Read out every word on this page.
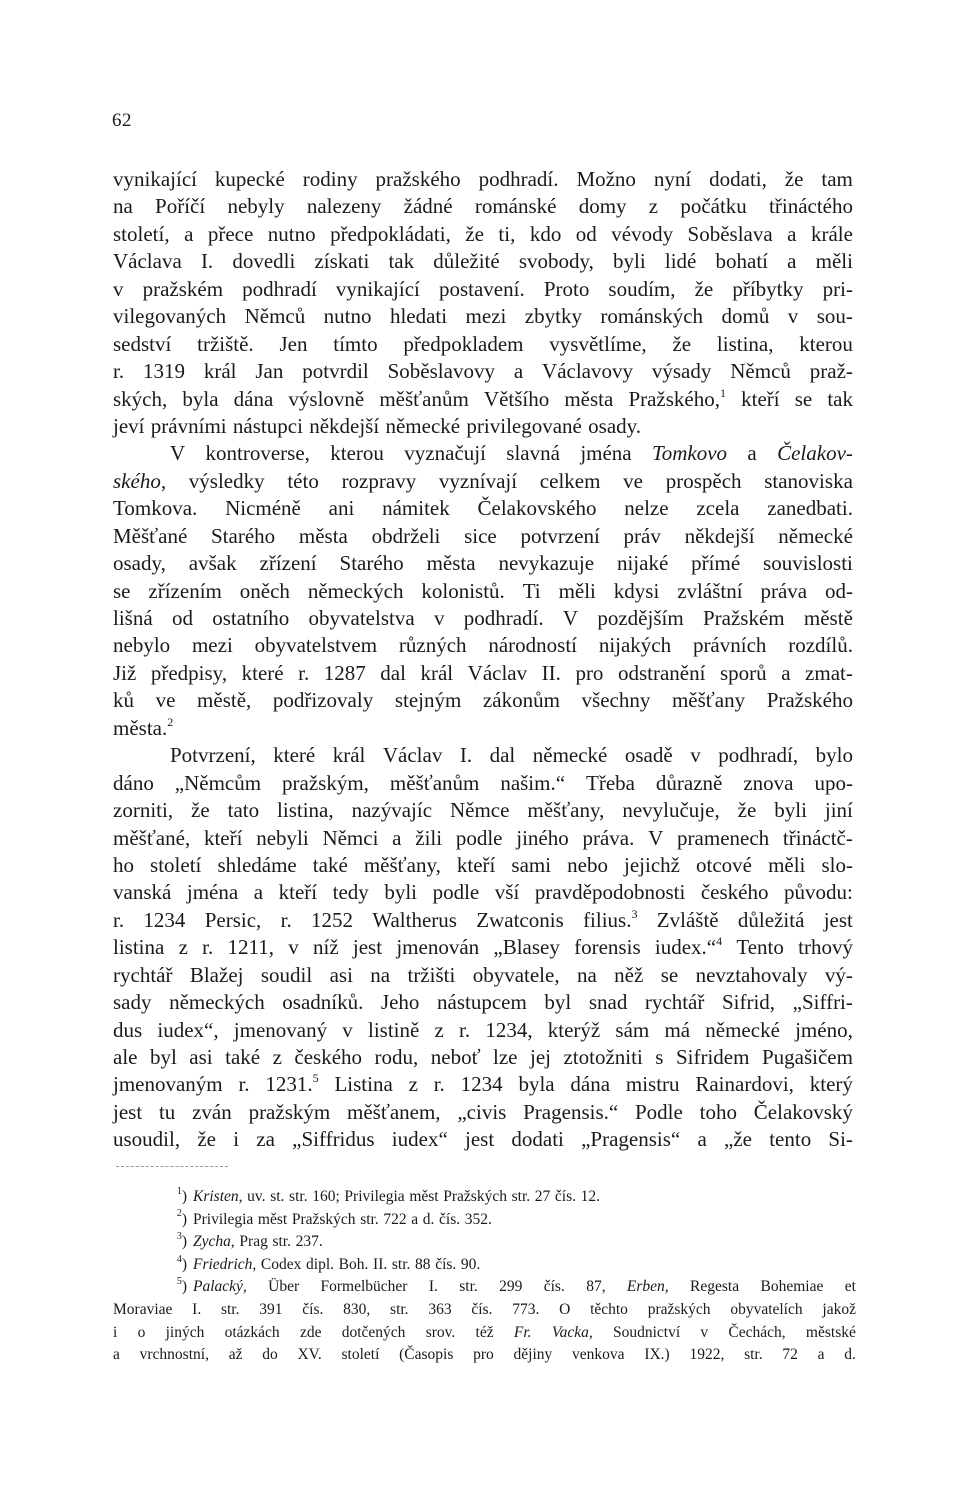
62
vynikající kupecké rodiny pražského podhradí. Možno nyní dodati, že tam
na Poříčí nebyly nalezeny žádné románské domy z počátku třináctého
století, a přece nutno předpokládati, že ti, kdo od vévody Soběslava a krále
Václava I. dovedli získati tak důležité svobody, byli lidé bohatí a měli
v pražském podhradí vynikající postavení. Proto soudím, že příbytky pri-
vilegovaných Němců nutno hledati mezi zbytky románských domů v sou-
sedství tržiště. Jen tímto předpokladem vysvětlíme, že listina, kterou
r. 1319 král Jan potvrdil Soběslavovy a Václavovy výsady Němců praž-
ských, byla dána výslovně měšťanům Většího města Pražského,$^1$ kteří se tak
jeví právními nástupci někdejší německé privilegované osady.
V kontroverse, kterou vyznačují slavná jména Tomkovo a Čelakov-
ského, výsledky této rozpravy vyznívají celkem ve prospěch stanoviska
Tomkova. Nicméně ani námitek Čelakovského nelze zcela zanedbati.
Měšťané Starého města obdrželi sice potvrzení práv někdejší německé
osady, avšak zřízení Starého města nevykazuje nijaké přímé souvislosti
se zřízením oněch německých kolonistů. Ti měli kdysi zvláštní práva od-
lišná od ostatního obyvatelstva v podhradí. V pozdějším Pražském městě
nebylo mezi obyvatelstvem různých národností nijakých právních rozdílů.
Již předpisy, které r. 1287 dal král Václav II. pro odstranění sporů a zmat-
ků ve městě, podřizovaly stejným zákonům všechny měšťany Pražského
města.$^2$
Potvrzení, které král Václav I. dal německé osadě v podhradí, bylo
dáno „Němcům pražským, měšťanům našim.“ Třeba důrazně znova upo-
zorniti, že tato listina, nazývajíc Němce měšťany, nevylučuje, že byli jiní
měšťané, kteří nebyli Němci a žili podle jiného práva. V pramenech třináctč-
ho století shledáme také měšťany, kteří sami nebo jejichž otcové měli slo-
vanská jména a kteří tedy byli podle vší pravděpodobnosti českého původu:
r. 1234 Persic, r. 1252 Waltherus Zwatconis filius.$^3$ Zvláště důležitá jest
listina z r. 1211, v níž jest jmenován „Blasey forensis iudex.“$^4$ Tento trhový
rychtář Blažej soudil asi na tržišti obyvatele, na něž se nevztahovaly vý-
sady německých osadníků. Jeho nástupcem byl snad rychtář Sifrid, „Siffri-
dus iudex“, jmenovaný v listině z r. 1234, kterýž sám má německé jméno,
ale byl asi také z českého rodu, neboť lze jej ztotožniti s Sifridem Pugašičem
jmenovaným r. 1231.$^5$ Listina z r. 1234 byla dána mistru Rainardovi, který
jest tu zván pražským měšťanem, „civis Pragensis.“ Podle toho Čelakovský
usoudil, že i za „Siffridus iudex“ jest dodati „Pragensis“ a „že tento Si-
$^1$) Kristen, uv. st. str. 160; Privilegia měst Pražských str. 27 čís. 12.
$^2$) Privilegia měst Pražských str. 722 a d. čís. 352.
$^3$) Zycha, Prag str. 237.
$^4$) Friedrich, Codex dipl. Boh. II. str. 88 čís. 90.
$^5$) Palacký, Über Formelbücher I. str. 299 čís. 87, Erben, Regesta Bohemiae et
Moraviae I. str. 391 čís. 830, str. 363 čís. 773. O těchto pražských obyvatelích jakož
i o jiných otázkách zde dotčených srov. též Fr. Vacka, Soudnictví v Čechách, městské
a vrchnostní, až do XV. století (Časopis pro dějiny venkova IX.) 1922, str. 72 a d.
